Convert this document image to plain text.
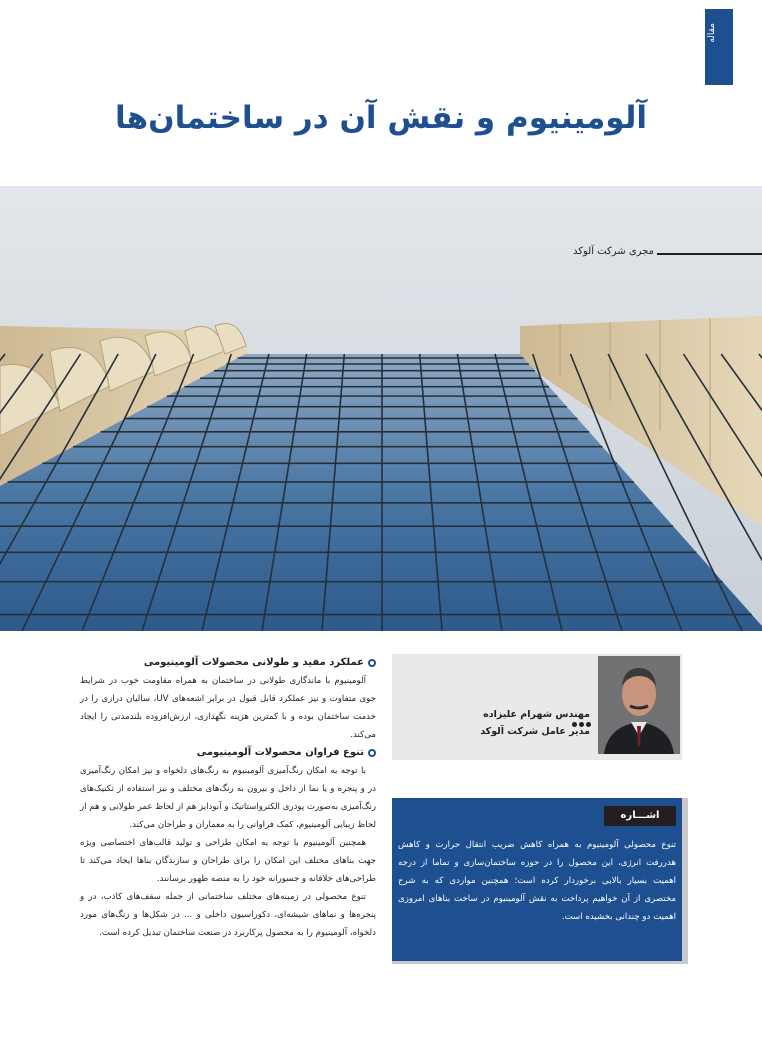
مقاله
آلومینیوم و نقش آن در ساختمان‌ها
مجری شرکت آلوکد
عملکرد مفید و طولانی محصولات آلومینیومی

آلومینیوم با ماندگاری طولانی در ساختمان به همراه مقاومت خوب در شرایط جوی متفاوت و نیز عملکرد قابل قبول در برابر اشعه‌های UV، سالیان درازی را در خدمت ساختمان بوده و با کمترین هزینه نگهداری، ارزش‌افزوده بلندمدتی را ایجاد می‌کند.

تنوع فراوان محصولات آلومینیومی

با توجه به امکان رنگ‌آمیزی آلومینیوم به رنگ‌های دلخواه و نیز امکان رنگ‌آمیزی در و پنجره و یا نما از داخل و بیرون به رنگ‌های مختلف و نیز استفاده از تکنیک‌های رنگ‌آمیزی به‌صورت پودری الکترواستاتیک و آنودایز هم از لحاظ عمر طولانی و هم از لحاظ زیبایی آلومینیوم، کمک فراوانی را به معماران و طراحان می‌کند.

همچنین آلومینیوم با توجه به امکان طراحی و تولید قالب‌های اختصاصی ویژه جهت بناهای مختلف این امکان را برای طراحان و سازندگان بناها ایجاد می‌کند تا طراحی‌های خلاقانه و جسورانه خود را به منصه ظهور برسانند.

تنوع محصولی در زمینه‌های مختلف ساختمانی از جمله سقف‌های کاذب، در و پنجره‌ها و نماهای شیشه‌ای، دکوراسیون داخلی و ... در شکل‌ها و رنگ‌های مورد دلخواه، آلومینیوم را به محصول پرکاربرد در صنعت ساختمان تبدیل کرده است.

مهندس شهرام علیزاده
مدیر عامل شرکت آلوکد
اشـــاره
تنوع محصولی آلومینیوم به همراه کاهش ضریب انتقال حرارت و کاهش هدررفت انرژی، این محصول را در حوزه ساختمان‌سازی و تماما از درجه اهمیت بسیار بالایی برخوردار کرده است؛ همچنین مواردی که به شرح مختصری از آن خواهیم پرداخت به نقش آلومینیوم در ساخت بناهای امروزی اهمیت دو چندانی بخشیده است.
